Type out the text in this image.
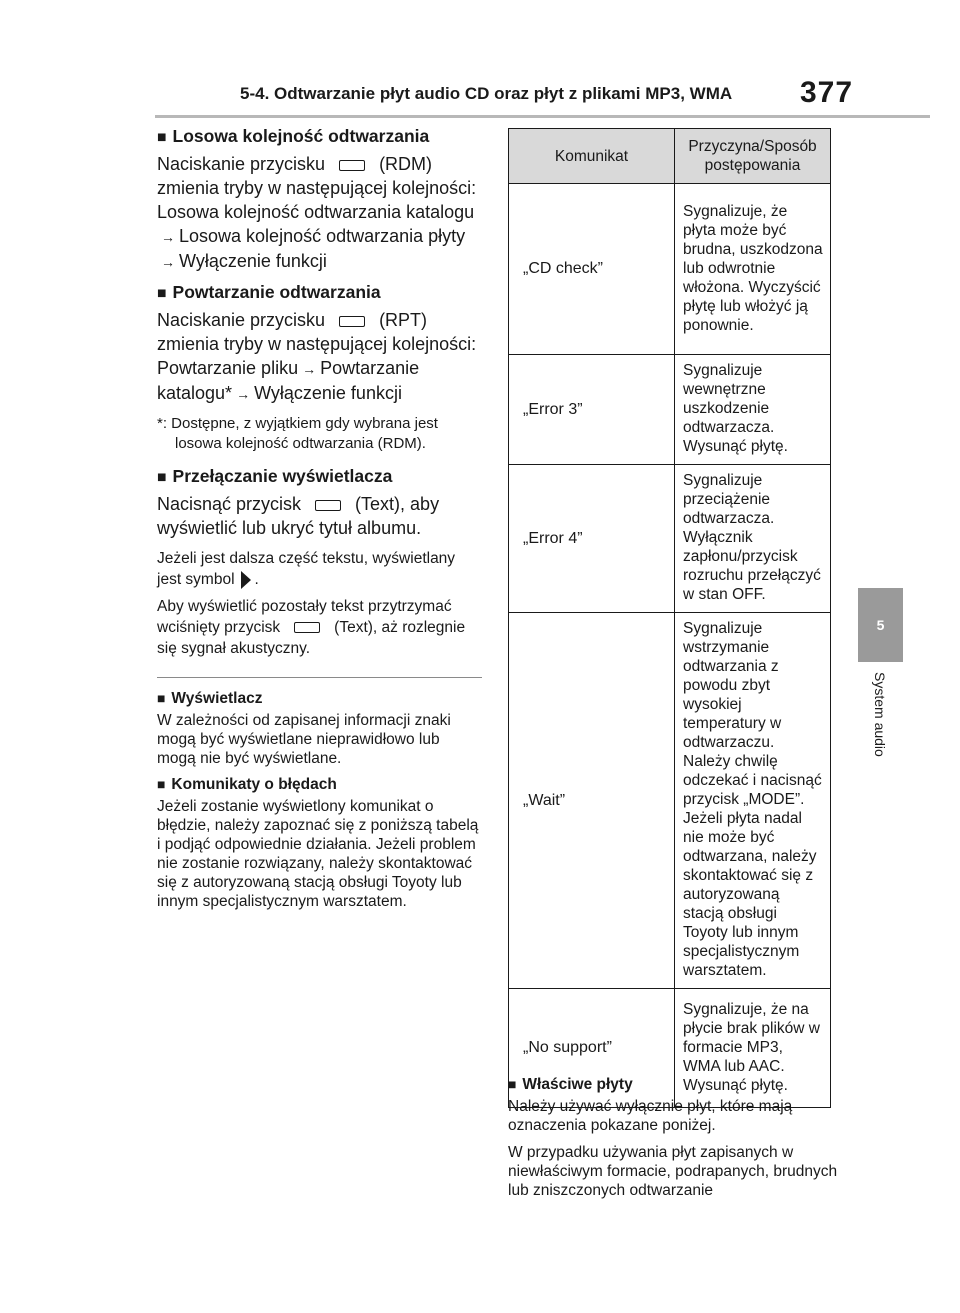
5-4. Odtwarzanie płyt audio CD oraz płyt z plikami MP3, WMA 377
5
System audio
■ Losowa kolejność odtwarzania

Naciskanie przycisku	(RDM) zmienia tryby w następującej kolejności: Losowa kolejność odtwarzania katalogu→ Losowa kolejność odtwarzania płyty→ Wyłączenie funkcji

■ Powtarzanie odtwarzania

Naciskanie przycisku	(RPT) zmienia tryby w następującej kolejności: Powtarzanie pliku → Powtarzanie katalogu* → Wyłączenie funkcji

*: Dostępne, z wyjątkiem gdy wybrana jest losowa kolejność odtwarzania (RDM).

■ Przełączanie wyświetlacza

Nacisnąć przycisk	(Text), aby wyświetlić lub ukryć tytuł albumu.

Jeżeli jest dalsza część tekstu, wyświetlany jest symbol .

Aby wyświetlić pozostały tekst przytrzymać wciśnięty przycisk	(Text), aż rozlegnie się sygnał akustyczny.

■ Wyświetlacz

W zależności od zapisanej informacji znaki mogą być wyświetlane nieprawidłowo lub mogą nie być wyświetlane.

■ Komunikaty o błędach

Jeżeli zostanie wyświetlony komunikat o błędzie, należy zapoznać się z poniższą tabelą i podjąć odpowiednie działania. Jeżeli problem nie zostanie rozwiązany, należy skontaktować się z autoryzowaną stacją obsługi Toyoty lub innym specjalistycznym warsztatem.

Komunikat	Przyczyna/Sposób postępowania
„CD check”	Sygnalizuje, że płyta może być brudna, uszkodzona lub odwrotnie włożona. Wyczyścić płytę lub włożyć ją ponownie.
„Error 3”	Sygnalizuje wewnętrzne uszkodzenie odtwarzacza. Wysunąć płytę.
„Error 4”	Sygnalizuje przeciążenie odtwarzacza. Wyłącznik zapłonu/przycisk rozruchu przełączyć w stan OFF.
„Wait”	Sygnalizuje wstrzymanie odtwarzania z powodu zbyt wysokiej temperatury w odtwarzaczu. Należy chwilę odczekać i nacisnąć przycisk „MODE”. Jeżeli płyta nadal nie może być odtwarzana, należy skontaktować się z autoryzowaną stacją obsługi Toyoty lub innym specjalistycznym warsztatem.
„No support”	Sygnalizuje, że na płycie brak plików w formacie MP3, WMA lub AAC. Wysunąć płytę.
■ Właściwe płyty

Należy używać wyłącznie płyt, które mają oznaczenia pokazane poniżej.

W przypadku używania płyt zapisanych w niewłaściwym formacie, podrapanych, brudnych lub zniszczonych odtwarzanie
